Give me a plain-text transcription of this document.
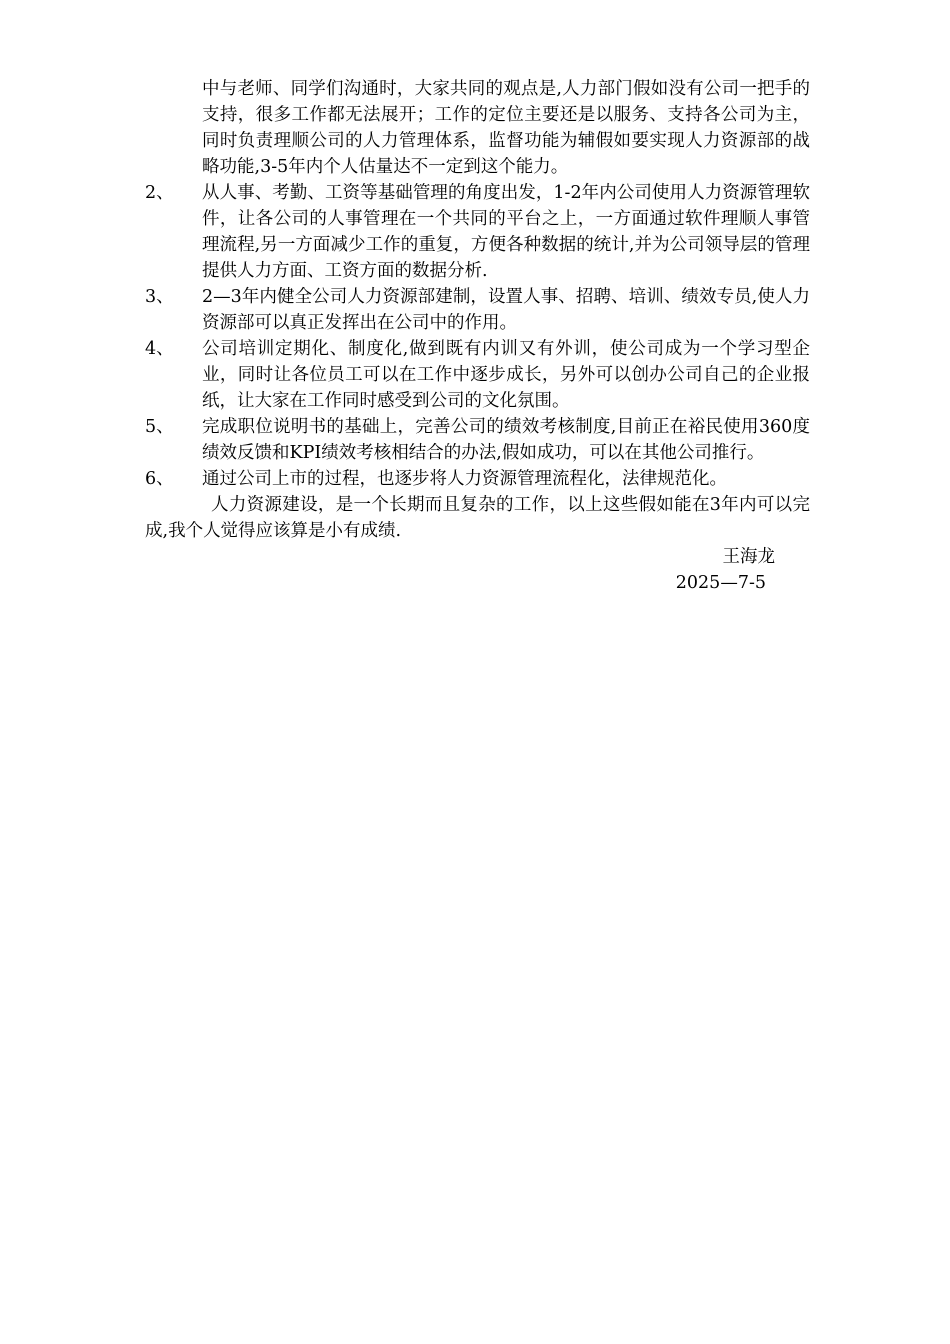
中与老师、同学们沟通时，大家共同的观点是,人力部门假如没有公司一把手的支持，很多工作都无法展开；工作的定位主要还是以服务、支持各公司为主，同时负责理顺公司的人力管理体系，监督功能为辅假如要实现人力资源部的战略功能,3-5年内个人估量达不一定到这个能力。
2、	从人事、考勤、工资等基础管理的角度出发，1-2年内公司使用人力资源管理软件，让各公司的人事管理在一个共同的平台之上，一方面通过软件理顺人事管理流程,另一方面减少工作的重复，方便各种数据的统计,并为公司领导层的管理提供人力方面、工资方面的数据分析.
3、	2—3年内健全公司人力资源部建制，设置人事、招聘、培训、绩效专员,使人力资源部可以真正发挥出在公司中的作用。
4、	公司培训定期化、制度化,做到既有内训又有外训，使公司成为一个学习型企业，同时让各位员工可以在工作中逐步成长，另外可以创办公司自己的企业报纸，让大家在工作同时感受到公司的文化氛围。
5、	完成职位说明书的基础上，完善公司的绩效考核制度,目前正在裕民使用360度绩效反馈和KPI绩效考核相结合的办法,假如成功，可以在其他公司推行。
6、	通过公司上市的过程，也逐步将人力资源管理流程化，法律规范化。
人力资源建设，是一个长期而且复杂的工作，以上这些假如能在3年内可以完成,我个人觉得应该算是小有成绩.
王海龙
2025—7-5
